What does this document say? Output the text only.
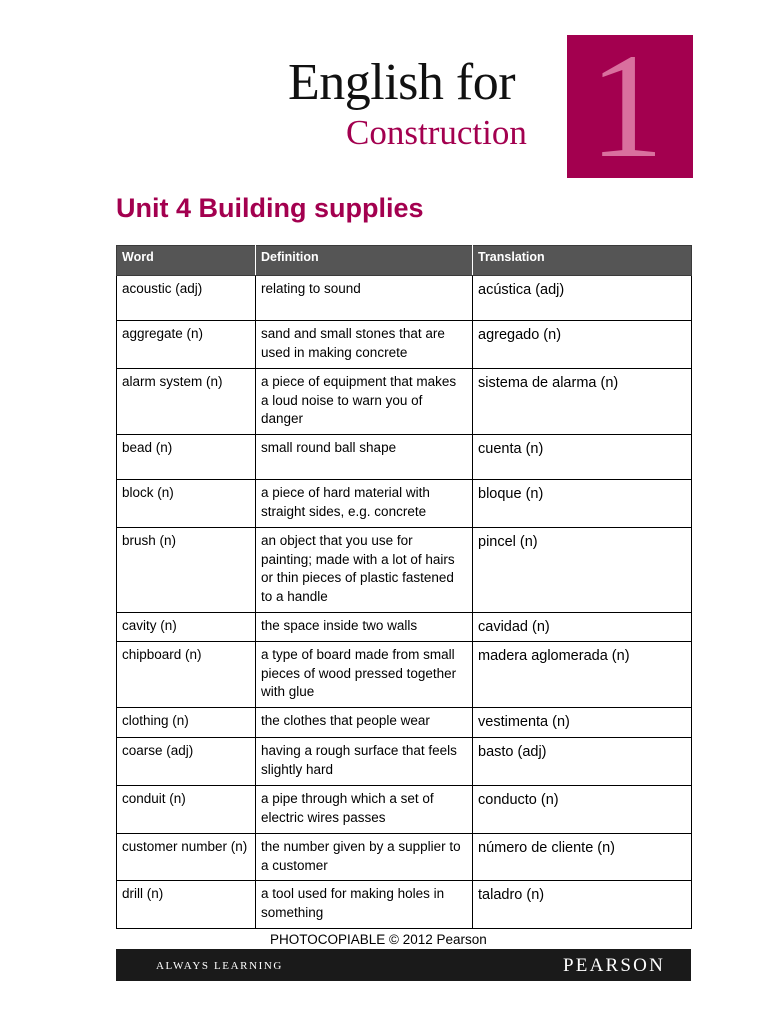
English for
Construction 1
Unit 4 Building supplies
Word	Definition	Translation
acoustic (adj)	relating to sound	acústica (adj)
aggregate (n)	sand and small stones that are used in making concrete	agregado (n)
alarm system (n)	a piece of equipment that makes a loud noise to warn you of danger	sistema de alarma (n)
bead (n)	small round ball shape	cuenta (n)
block (n)	a piece of hard material with straight sides, e.g. concrete	bloque (n)
brush (n)	an object that you use for painting; made with a lot of hairs or thin pieces of plastic fastened to a handle	pincel (n)
cavity (n)	the space inside two walls	cavidad (n)
chipboard (n)	a type of board made from small pieces of wood pressed together with glue	madera aglomerada (n)
clothing (n)	the clothes that people wear	vestimenta (n)
coarse (adj)	having a rough surface that feels slightly hard	basto (adj)
conduit (n)	a pipe through which a set of electric wires passes	conducto (n)
customer number (n)	the number given by a supplier to a customer	número de cliente (n)
drill (n)	a tool used for making holes in something	taladro (n)
PHOTOCOPIABLE © 2012 Pearson
ALWAYS LEARNING	PEARSON
